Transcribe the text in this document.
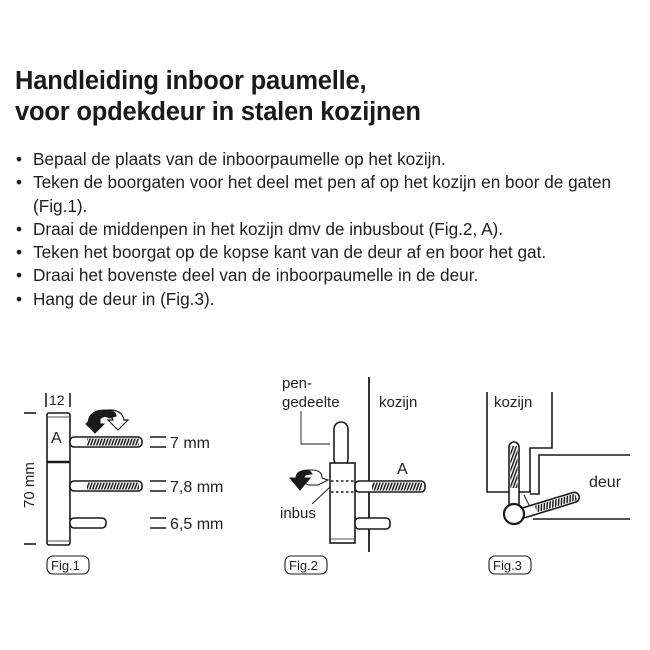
Handleiding inboor paumelle,
voor opdekdeur in stalen kozijnen
• Bepaal de plaats van de inboorpaumelle op het kozijn.
• Teken de boorgaten voor het deel met pen af op het kozijn en boor de gaten (Fig.1).
• Draai de middenpen in het kozijn dmv de inbusbout (Fig.2, A).
• Teken het boorgat op de kopse kant van de deur af en boor het gat.
• Draai het bovenste deel van de inboorpaumelle in de deur.
• Hang de deur in (Fig.3).
12
70 mm
A	7 mm
7,8 mm
6,5 mm
Fig.1
pen-
gedeelte	kozijn
A
inbus
Fig.2
kozijn
deur
Fig.3
